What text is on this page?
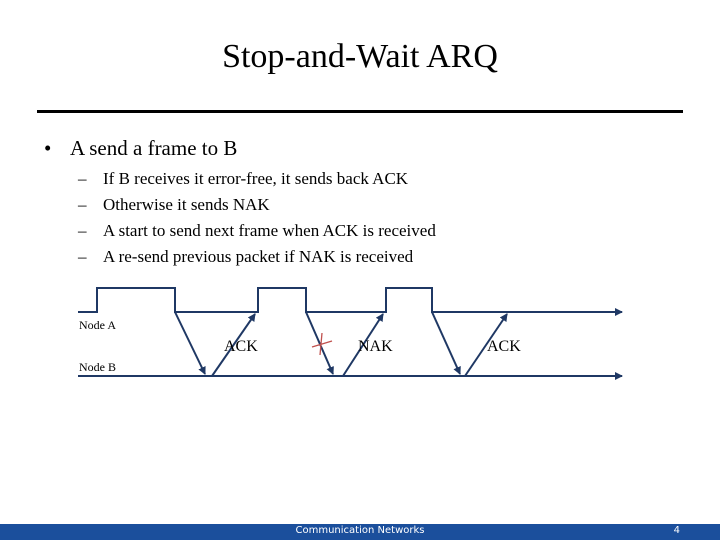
Stop-and-Wait ARQ
• A send a frame to B
– If B receives it error-free, it sends back ACK
– Otherwise it sends NAK
– A start to send next frame when ACK is received
– A re-send previous packet if NAK is received
Node A
Node B
ACK	NAK	ACK
Communication Networks	4
